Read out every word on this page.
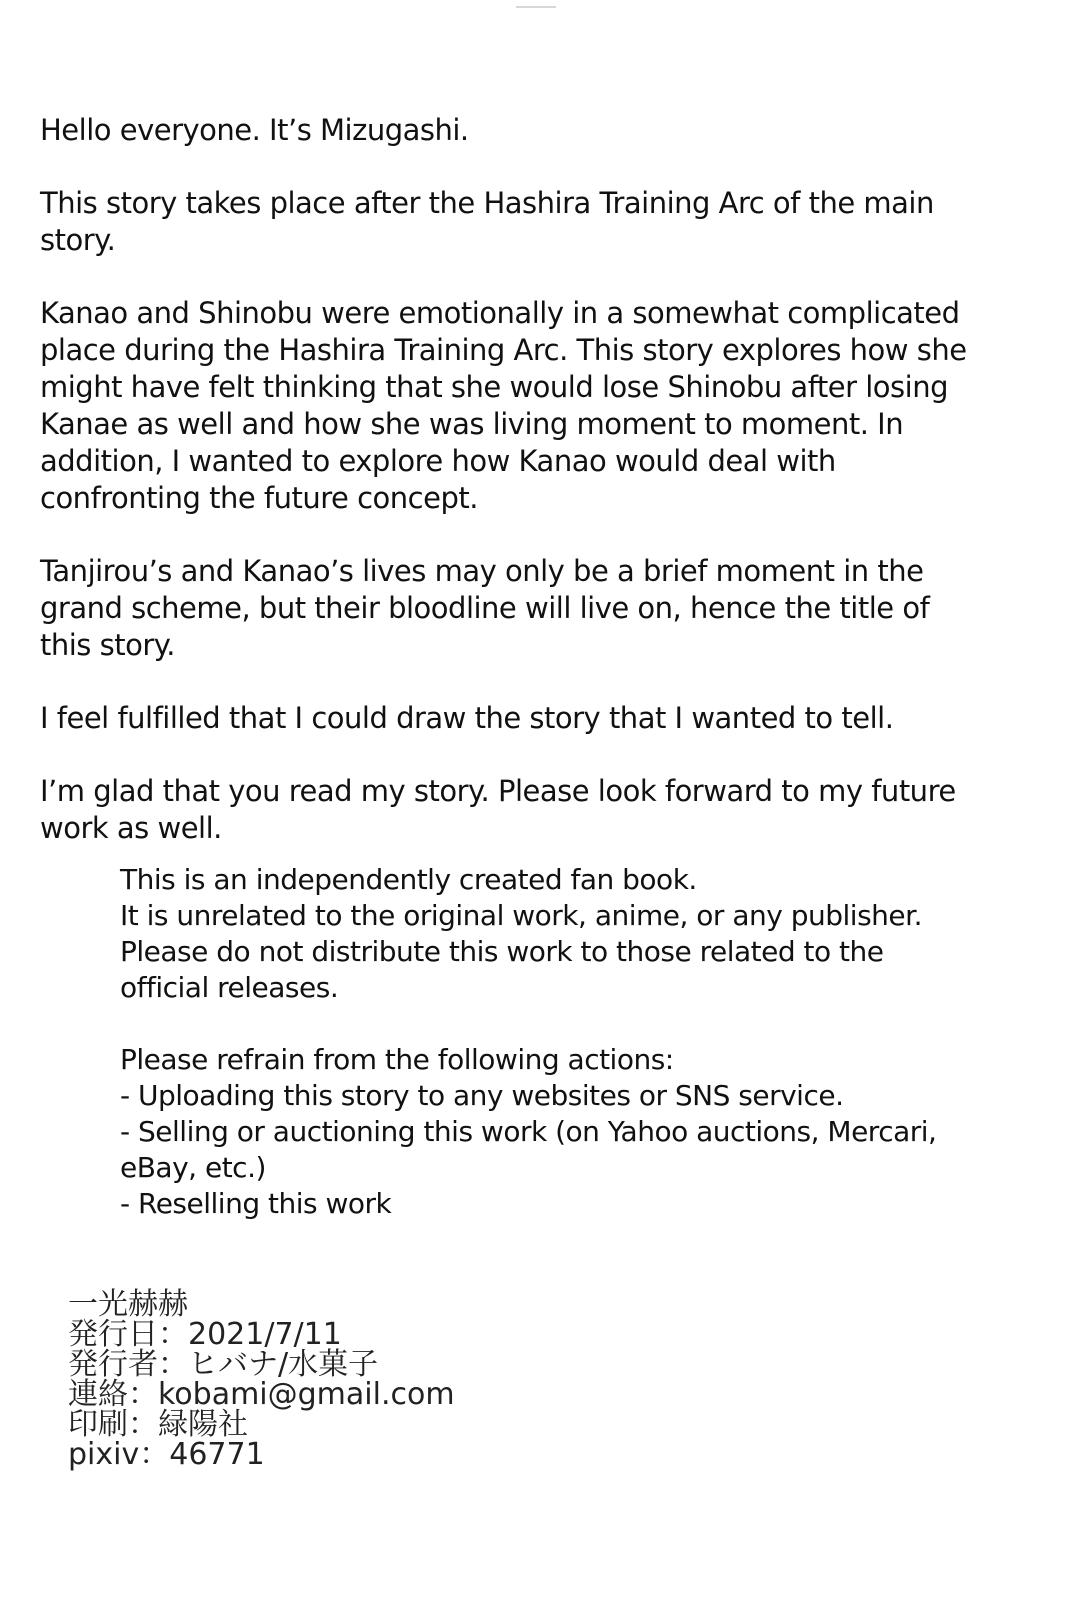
Hello everyone. It’s Mizugashi.

This story takes place after the Hashira Training Arc of the main story.

Kanao and Shinobu were emotionally in a somewhat complicated place during the Hashira Training Arc. This story explores how she might have felt thinking that she would lose Shinobu after losing Kanae as well and how she was living moment to moment. In addition, I wanted to explore how Kanao would deal with confronting the future concept.

Tanjirou’s and Kanao’s lives may only be a brief moment in the grand scheme, but their bloodline will live on, hence the title of this story.

I feel fulfilled that I could draw the story that I wanted to tell.

I’m glad that you read my story. Please look forward to my future work as well.

This is an independently created fan book.
It is unrelated to the original work, anime, or any publisher.
Please do not distribute this work to those related to the official releases.

Please refrain from the following actions:
- Uploading this story to any websites or SNS service.
- Selling or auctioning this work (on Yahoo auctions, Mercari, eBay, etc.)
- Reselling this work

一光赫赫
発行日：2021/7/11
発行者：ヒバナ/水菓子
連絡：kobami@gmail.com
印刷：緑陽社
pixiv：46771
